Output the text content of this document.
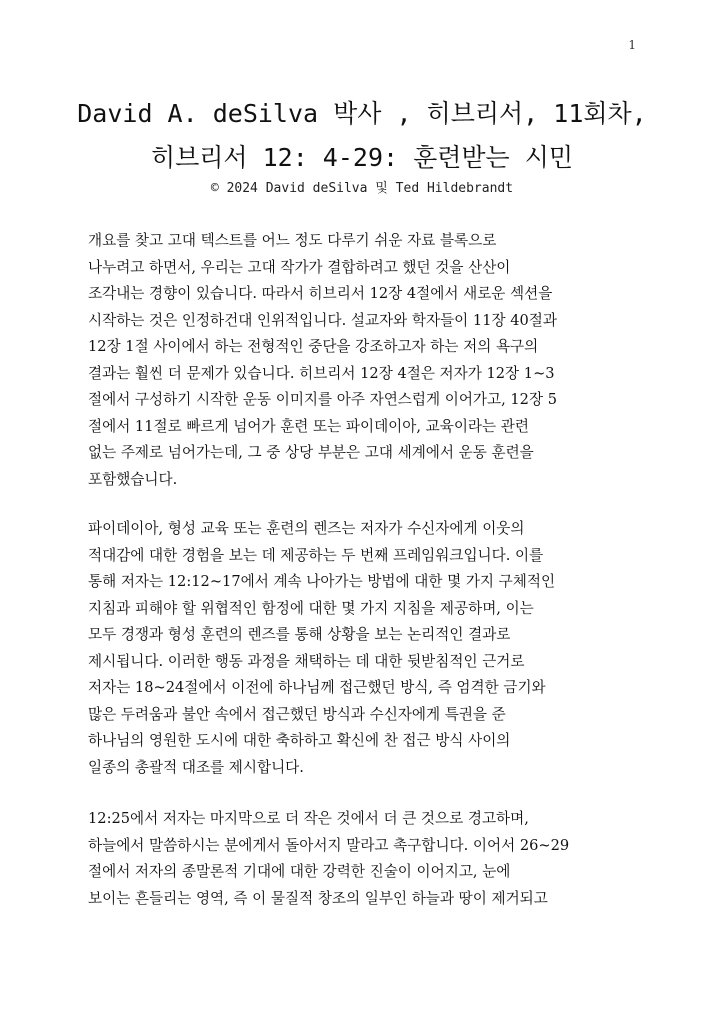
1
David A. deSilva 박사 , 히브리서, 11회차,
히브리서 12: 4-29: 훈련받는 시민
© 2024 David deSilva 및 Ted Hildebrandt
개요를 찾고 고대 텍스트를 어느 정도 다루기 쉬운 자료 블록으로
나누려고 하면서, 우리는 고대 작가가 결합하려고 했던 것을 산산이
조각내는 경향이 있습니다. 따라서 히브리서 12장 4절에서 새로운 섹션을
시작하는 것은 인정하건대 인위적입니다. 설교자와 학자들이 11장 40절과
12장 1절 사이에서 하는 전형적인 중단을 강조하고자 하는 저의 욕구의
결과는 훨씬 더 문제가 있습니다. 히브리서 12장 4절은 저자가 12장 1~3
절에서 구성하기 시작한 운동 이미지를 아주 자연스럽게 이어가고, 12장 5
절에서 11절로 빠르게 넘어가 훈련 또는 파이데이아, 교육이라는 관련
없는 주제로 넘어가는데, 그 중 상당 부분은 고대 세계에서 운동 훈련을
포함했습니다.
파이데이아, 형성 교육 또는 훈련의 렌즈는 저자가 수신자에게 이웃의
적대감에 대한 경험을 보는 데 제공하는 두 번째 프레임워크입니다. 이를
통해 저자는 12:12~17에서 계속 나아가는 방법에 대한 몇 가지 구체적인
지침과 피해야 할 위협적인 함정에 대한 몇 가지 지침을 제공하며, 이는
모두 경쟁과 형성 훈련의 렌즈를 통해 상황을 보는 논리적인 결과로
제시됩니다. 이러한 행동 과정을 채택하는 데 대한 뒷받침적인 근거로
저자는 18~24절에서 이전에 하나님께 접근했던 방식, 즉 엄격한 금기와
많은 두려움과 불안 속에서 접근했던 방식과 수신자에게 특권을 준
하나님의 영원한 도시에 대한 축하하고 확신에 찬 접근 방식 사이의
일종의 총괄적 대조를 제시합니다.
12:25에서 저자는 마지막으로 더 작은 것에서 더 큰 것으로 경고하며,
하늘에서 말씀하시는 분에게서 돌아서지 말라고 촉구합니다. 이어서 26~29
절에서 저자의 종말론적 기대에 대한 강력한 진술이 이어지고, 눈에
보이는 흔들리는 영역, 즉 이 물질적 창조의 일부인 하늘과 땅이 제거되고
